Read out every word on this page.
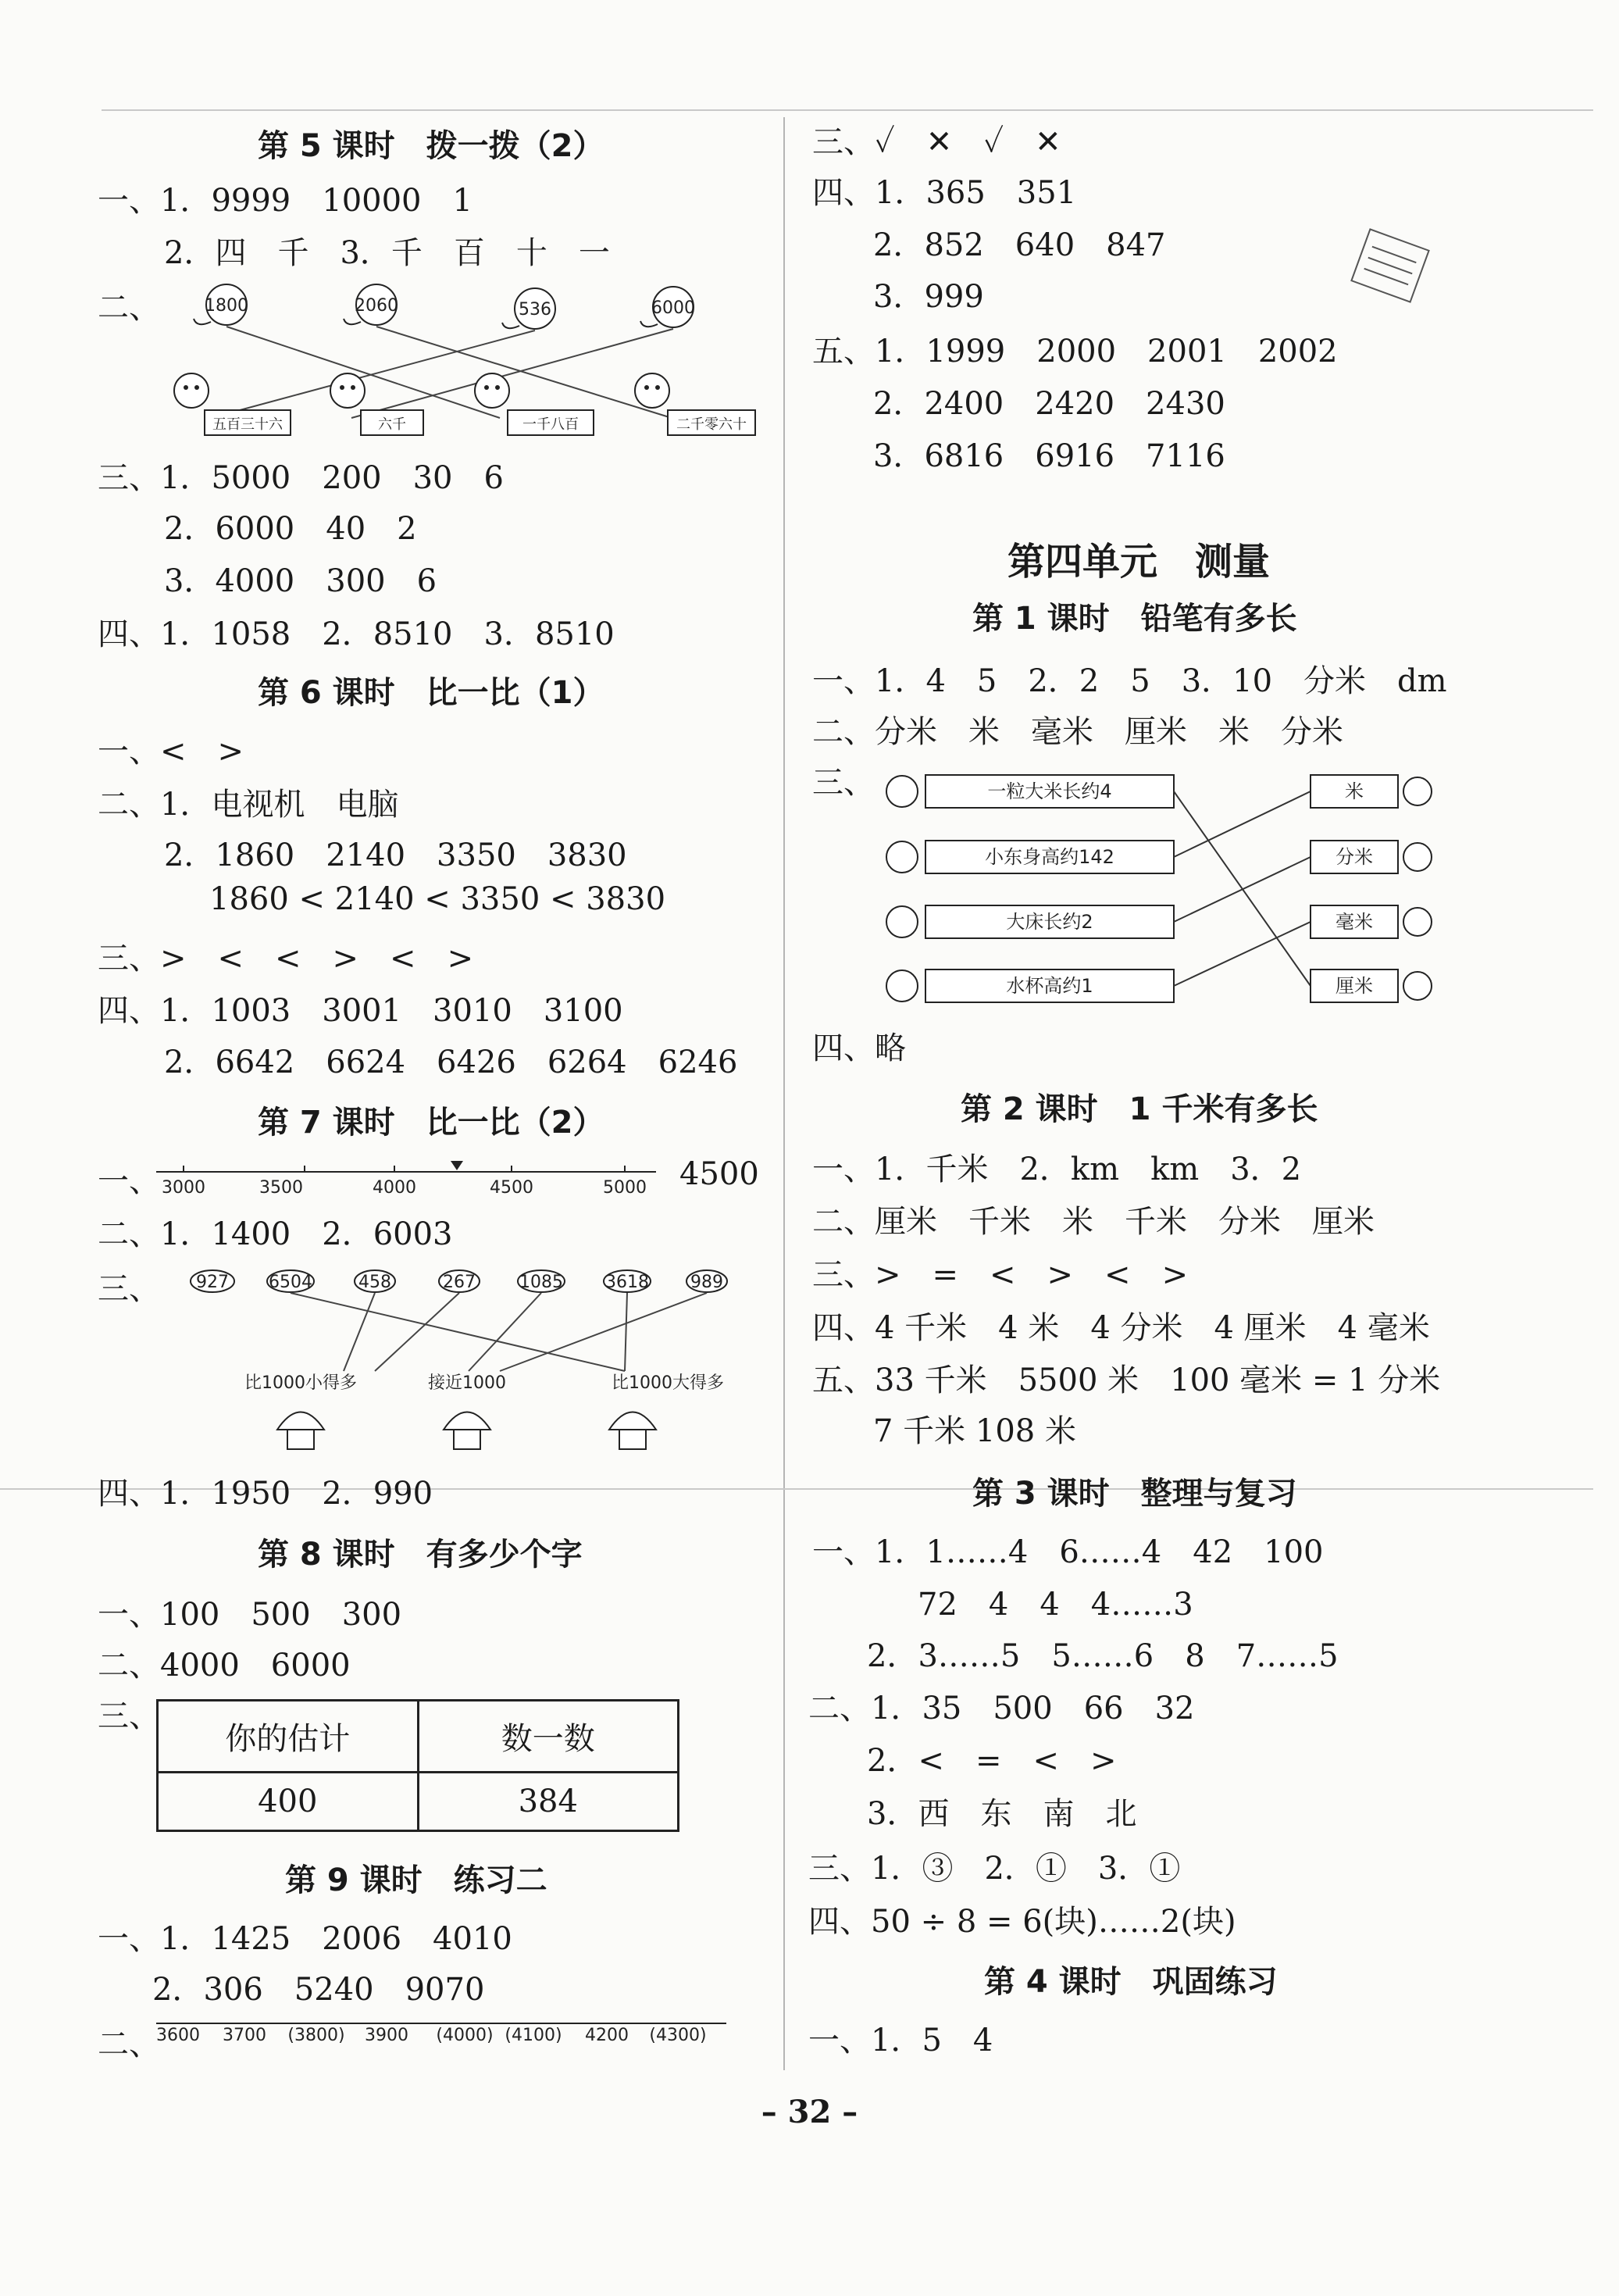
第 5 课时　拨一拨（2）
一、1．9999　10000　1
2．四　千　3．千　百　十　一
二、	1800	2060	536	6000
五百三十六	六千	一千八百	二千零六十
三、1．5000　200　30　6
2．6000　40　2
3．4000　300　6
四、1．1058　2．8510　3．8510
第 6 课时　比一比（1）
一、<　>
二、1．电视机　电脑
2．1860　2140　3350　3830
1860 < 2140 < 3350 < 3830
三、>　<　<　>　<　>
四、1．1003　3001　3010　3100
2．6642　6624　6426　6264　6246
第 7 课时　比一比（2）
一、 3000	3500	4000	4500	5000 4500
二、1．1400　2．6003
三、 927 6504	458	267	1085 3618 989
比1000小得多	接近1000	比1000大得多
四、1．1950　2．990
第 8 课时　有多少个字
一、100　500　300
二、4000　6000
三、
你的估计	数一数
400	384
第 9 课时　练习二
一、1．1425　2006　4010
2．306　5240　9070
二、
3600 3700 (3800) 3900 (4000) (4100) 4200 (4300)
三、✓　✕　✓　✕
四、1．365　351
2．852　640　847
3．999
五、1．1999　2000　2001　2002
2．2400　2420　2430
3．6816　6916　7116
第四单元　测量
第 1 课时　铅笔有多长
一、1．4　5　2．2　5　3．10　分米　dm
二、分米　米　毫米　厘米　米　分米
三、	一粒大米长约4
小东身高约142
大床长约2
水杯高约1
米
分米
毫米
厘米
四、略
第 2 课时　1 千米有多长
一、1．千米　2．km　km　3．2
二、厘米　千米　米　千米　分米　厘米
三、>　=　<　>　<　>
四、4 千米　4 米　4 分米　4 厘米　4 毫米
五、33 千米　5500 米　100 毫米 = 1 分米
7 千米 108 米
第 3 课时　整理与复习
一、1．1……4　6……4　42　100
72　4　4　4……3
2．3……5　5……6　8　7……5
二、1．35　500　66　32
2．<　=　<　>
3．西　东　南　北
三、1．③　2．①　3．①
四、50 ÷ 8 = 6(块)……2(块)
第 4 课时　巩固练习
一、1．5　4
– 32 –
